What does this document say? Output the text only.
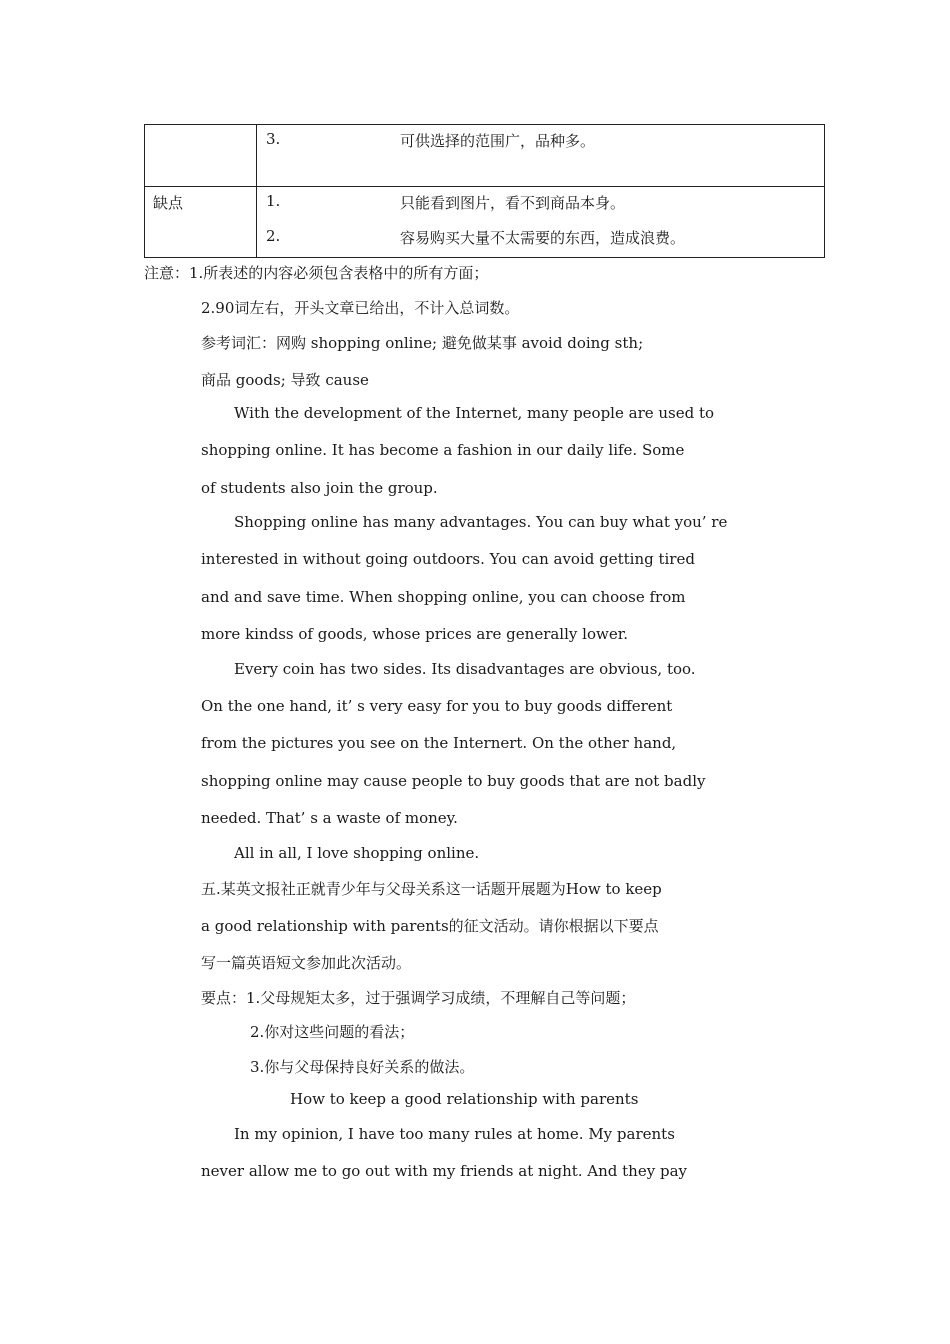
	3. 可供选择的范围广，品种多。

缺点	1. 只能看到图片，看不到商品本身。
2. 容易购买大量不太需要的东西，造成浪费。
注意：1.所表述的内容必须包含表格中的所有方面；
2.90词左右，开头文章已给出，不计入总词数。
参考词汇：网购 shopping online; 避免做某事 avoid doing sth;
商品 goods; 导致 cause
With the development of the Internet, many people are used to
shopping online. It has become a fashion in our daily life. Some
of students also join the group.
Shopping online has many advantages. You can buy what you’ re
interested in without going outdoors. You can avoid getting tired
and and save time. When shopping online, you can choose from
more kindss of goods, whose prices are generally lower.
Every coin has two sides. Its disadvantages are obvious, too.
On the one hand, it’ s very easy for you to buy goods different
from the pictures you see on the Internert. On the other hand,
shopping online may cause people to buy goods that are not badly
needed. That’ s a waste of money.
All in all, I love shopping online.
五.某英文报社正就青少年与父母关系这一话题开展题为How to keep
a good relationship with parents的征文活动。请你根据以下要点
写一篇英语短文参加此次活动。
要点：1.父母规矩太多，过于强调学习成绩，不理解自己等问题；
2.你对这些问题的看法；
3.你与父母保持良好关系的做法。
How to keep a good relationship with parents
In my opinion, I have too many rules at home. My parents
never allow me to go out with my friends at night. And they pay
